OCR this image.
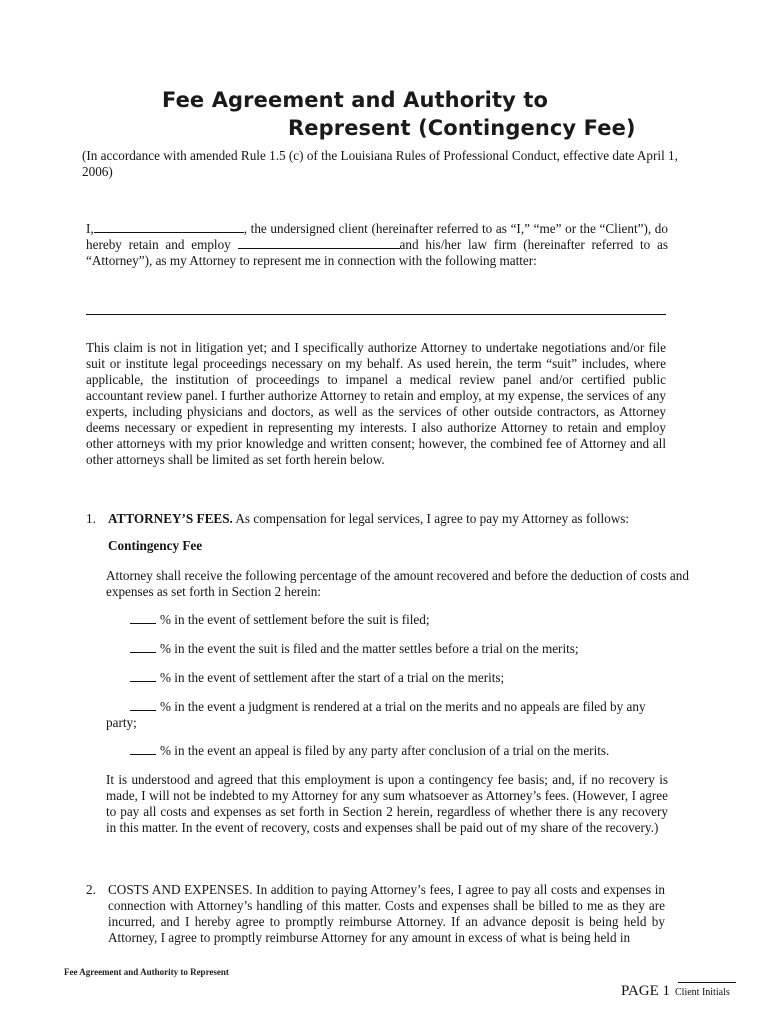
Fee Agreement and Authority to
Represent (Contingency Fee)
(In accordance with amended Rule 1.5 (c) of the Louisiana Rules of Professional Conduct, effective date April 1, 2006)
I,	, the undersigned client (hereinafter referred to as “I,” “me” or the “Client”), do hereby retain and employ	and his/her law firm (hereinafter referred to as “Attorney”), as my Attorney to represent me in connection with the following matter:
This claim is not in litigation yet; and I specifically authorize Attorney to undertake negotiations and/or file suit or institute legal proceedings necessary on my behalf. As used herein, the term “suit” includes, where applicable, the institution of proceedings to impanel a medical review panel and/or certified public accountant review panel. I further authorize Attorney to retain and employ, at my expense, the services of any experts, including physicians and doctors, as well as the services of other outside contractors, as Attorney deems necessary or expedient in representing my interests. I also authorize Attorney to retain and employ other attorneys with my prior knowledge and written consent; however, the combined fee of Attorney and all other attorneys shall be limited as set forth herein below.
1. ATTORNEY’S FEES. As compensation for legal services, I agree to pay my Attorney as follows:
Contingency Fee
Attorney shall receive the following percentage of the amount recovered and before the deduction of costs and expenses as set forth in Section 2 herein:
% in the event of settlement before the suit is filed;
% in the event the suit is filed and the matter settles before a trial on the merits;
% in the event of settlement after the start of a trial on the merits;
% in the event a judgment is rendered at a trial on the merits and no appeals are filed by any party;
% in the event an appeal is filed by any party after conclusion of a trial on the merits.
It is understood and agreed that this employment is upon a contingency fee basis; and, if no recovery is made, I will not be indebted to my Attorney for any sum whatsoever as Attorney’s fees. (However, I agree to pay all costs and expenses as set forth in Section 2 herein, regardless of whether there is any recovery in this matter. In the event of recovery, costs and expenses shall be paid out of my share of the recovery.)
2. COSTS AND EXPENSES. In addition to paying Attorney’s fees, I agree to pay all costs and expenses in connection with Attorney’s handling of this matter. Costs and expenses shall be billed to me as they are incurred, and I hereby agree to promptly reimburse Attorney. If an advance deposit is being held by Attorney, I agree to promptly reimburse Attorney for any amount in excess of what is being held in
Fee Agreement and Authority to Represent
PAGE 1 Client Initials
